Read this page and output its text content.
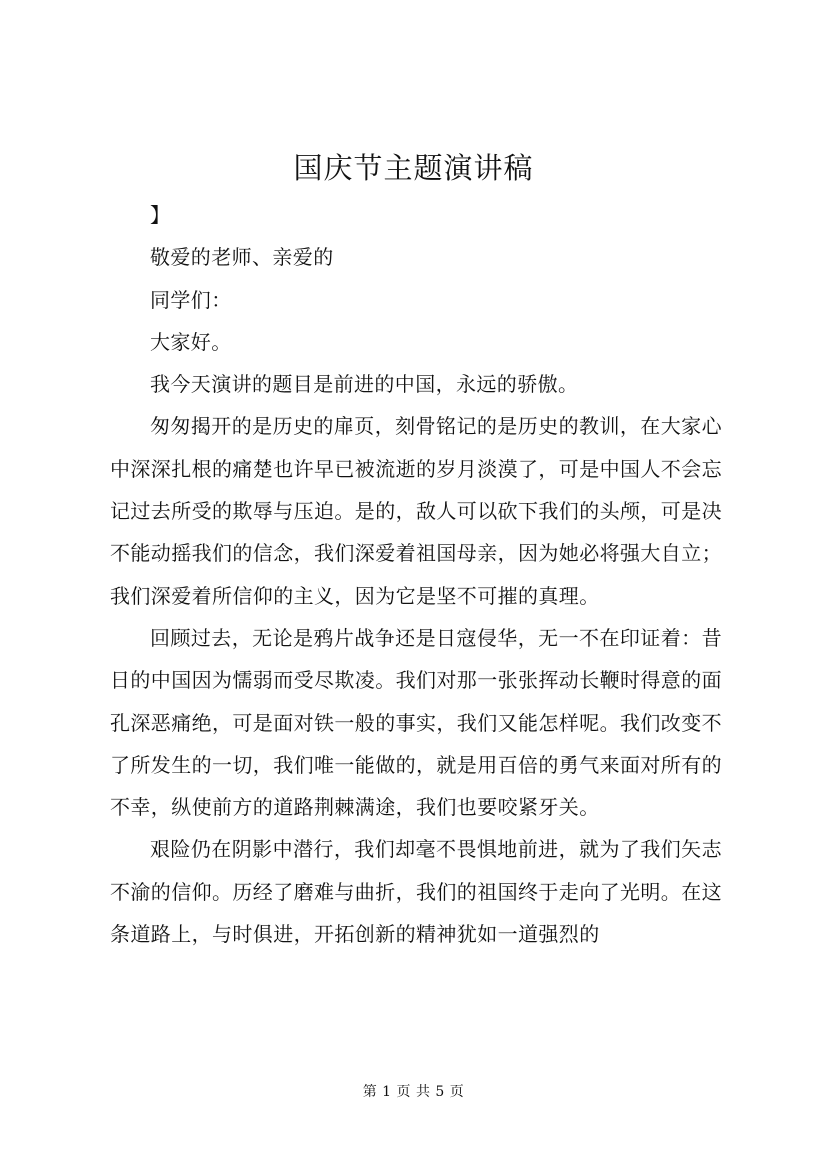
国庆节主题演讲稿

】

敬爱的老师、亲爱的

同学们：

大家好。

我今天演讲的题目是前进的中国，永远的骄傲。

匆匆揭开的是历史的扉页，刻骨铭记的是历史的教训，在大家心中深深扎根的痛楚也许早已被流逝的岁月淡漠了，可是中国人不会忘记过去所受的欺辱与压迫。是的，敌人可以砍下我们的头颅，可是决不能动摇我们的信念，我们深爱着祖国母亲，因为她必将强大自立；我们深爱着所信仰的主义，因为它是坚不可摧的真理。

回顾过去，无论是鸦片战争还是日寇侵华，无一不在印证着：昔日的中国因为懦弱而受尽欺凌。我们对那一张张挥动长鞭时得意的面孔深恶痛绝，可是面对铁一般的事实，我们又能怎样呢。我们改变不了所发生的一切，我们唯一能做的，就是用百倍的勇气来面对所有的不幸，纵使前方的道路荆棘满途，我们也要咬紧牙关。

艰险仍在阴影中潜行，我们却毫不畏惧地前进，就为了我们矢志不渝的信仰。历经了磨难与曲折，我们的祖国终于走向了光明。在这条道路上，与时俱进，开拓创新的精神犹如一道强烈的

第 1 页 共 5 页
